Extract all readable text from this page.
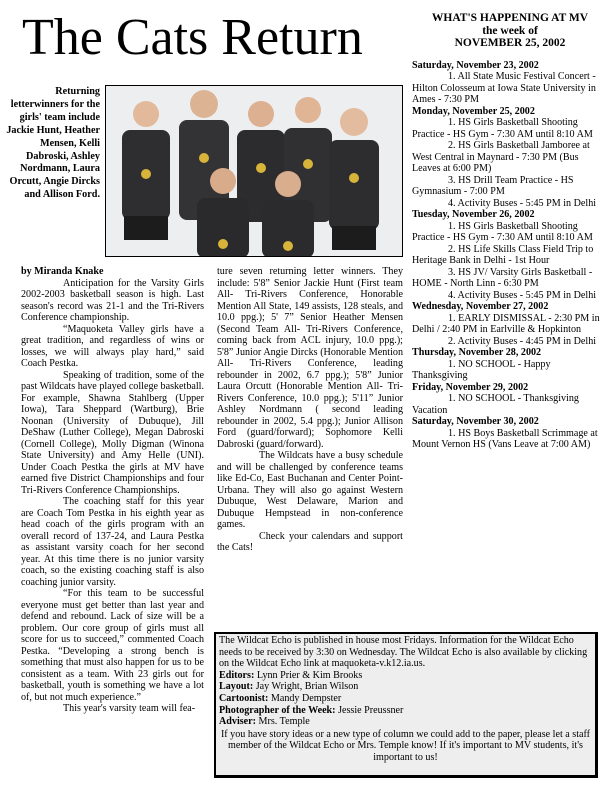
The Cats Return
Returning letterwinners for the girls' team include Jackie Hunt, Heather Mensen, Kelli Dabroski, Ashley Nordmann, Laura Orcutt, Angie Dircks and Allison Ford.

by Miranda Knake

Anticipation for the Varsity Girls 2002-2003 basketball season is high. Last season's record was 21-1 and the Tri-Rivers Conference championship.

“Maquoketa Valley girls have a great tradition, and regardless of wins or losses, we will always play hard,” said Coach Pestka.

Speaking of tradition, some of the past Wildcats have played college basketball. For example, Shawna Stahlberg (Upper Iowa), Tara Sheppard (Wartburg), Brie Noonan (University of Dubuque), Jill DeShaw (Luther College), Megan Dabroski (Cornell College), Molly Digman (Winona State University) and Amy Helle (UNI). Under Coach Pestka the girls at MV have earned five District Championships and four Tri-Rivers Conference Championships.

The coaching staff for this year are Coach Tom Pestka in his eighth year as head coach of the girls program with an overall record of 137-24, and Laura Pestka as assistant varsity coach for her second year. At this time there is no junior varsity coach, so the existing coaching staff is also coaching junior varsity.

“For this team to be successful everyone must get better than last year and defend and rebound. Lack of size will be a problem. Our core group of girls must all score for us to succeed,” commented Coach Pestka. “Developing a strong bench is something that must also happen for us to be consistent as a team. With 23 girls out for basketball, youth is something we have a lot of, but not much experience.”

This year's varsity team will fea-

ture seven returning letter winners. They include: 5'8” Senior Jackie Hunt (First team All- Tri-Rivers Conference, Honorable Mention All State, 149 assists, 128 steals, and 10.0 ppg.); 5' 7” Senior Heather Mensen (Second Team All- Tri-Rivers Conference, coming back from ACL injury, 10.0 ppg.); 5'8” Junior Angie Dircks (Honorable Mention All- Tri-Rivers Conference, leading rebounder in 2002, 6.7 ppg.); 5'8” Junior Laura Orcutt (Honorable Mention All- Tri-Rivers Conference, 10.0 ppg.); 5'11” Junior Ashley Nordmann ( second leading rebounder in 2002, 5.4 ppg.); Junior Allison Ford (guard/forward); Sophomore Kelli Dabroski (guard/forward).

The Wildcats have a busy schedule and will be challenged by conference teams like Ed-Co, East Buchanan and Center Point-Urbana. They will also go against Western Dubuque, West Delaware, Marion and Dubuque Hempstead in non-conference games.

Check your calendars and support the Cats!

WHAT'S HAPPENING AT MV
the week of
NOVEMBER 25, 2002
Saturday, November 23, 2002
1. All State Music Festival Concert - Hilton Colosseum at Iowa State University in Ames - 7:30 PM
Monday, November 25, 2002
1. HS Girls Basketball Shooting Practice - HS Gym - 7:30 AM until 8:10 AM
2. HS Girls Basketball Jamboree at West Central in Maynard - 7:30 PM (Bus Leaves at 6:00 PM)
3. HS Drill Team Practice - HS Gymnasium - 7:00 PM
4. Activity Buses - 5:45 PM in Delhi
Tuesday, November 26, 2002
1. HS Girls Basketball Shooting Practice - HS Gym - 7:30 AM until 8:10 AM
2. HS Life Skills Class Field Trip to Heritage Bank in Delhi - 1st Hour
3. HS JV/ Varsity Girls Basketball - HOME - North Linn - 6:30 PM
4. Activity Buses - 5:45 PM in Delhi
Wednesday, November 27, 2002
1. EARLY DISMISSAL - 2:30 PM in Delhi / 2:40 PM in Earlville & Hopkinton
2. Activity Buses - 4:45 PM in Delhi
Thursday, November 28, 2002
1. NO SCHOOL - Happy Thanksgiving
Friday, November 29, 2002
1. NO SCHOOL - Thanksgiving Vacation
Saturday, November 30, 2002
1. HS Boys Basketball Scrimmage at Mount Vernon HS (Vans Leave at 7:00 AM)

The Wildcat Echo is published in house most Fridays. Information for the Wildcat Echo needs to be received by 3:30 on Wednesday. The Wildcat Echo is also available by clicking on the Wildcat Echo link at maquoketa-v.k12.ia.us.

Editors: Lynn Prier & Kim Brooks
Layout: Jay Wright, Brian Wilson
Cartoonist: Mandy Dempster
Photographer of the Week: Jessie Preussner
Adviser: Mrs. Temple

If you have story ideas or a new type of column we could add to the paper, please let a staff member of the Wildcat Echo or Mrs. Temple know! If it's important to MV students, it's important to us!
